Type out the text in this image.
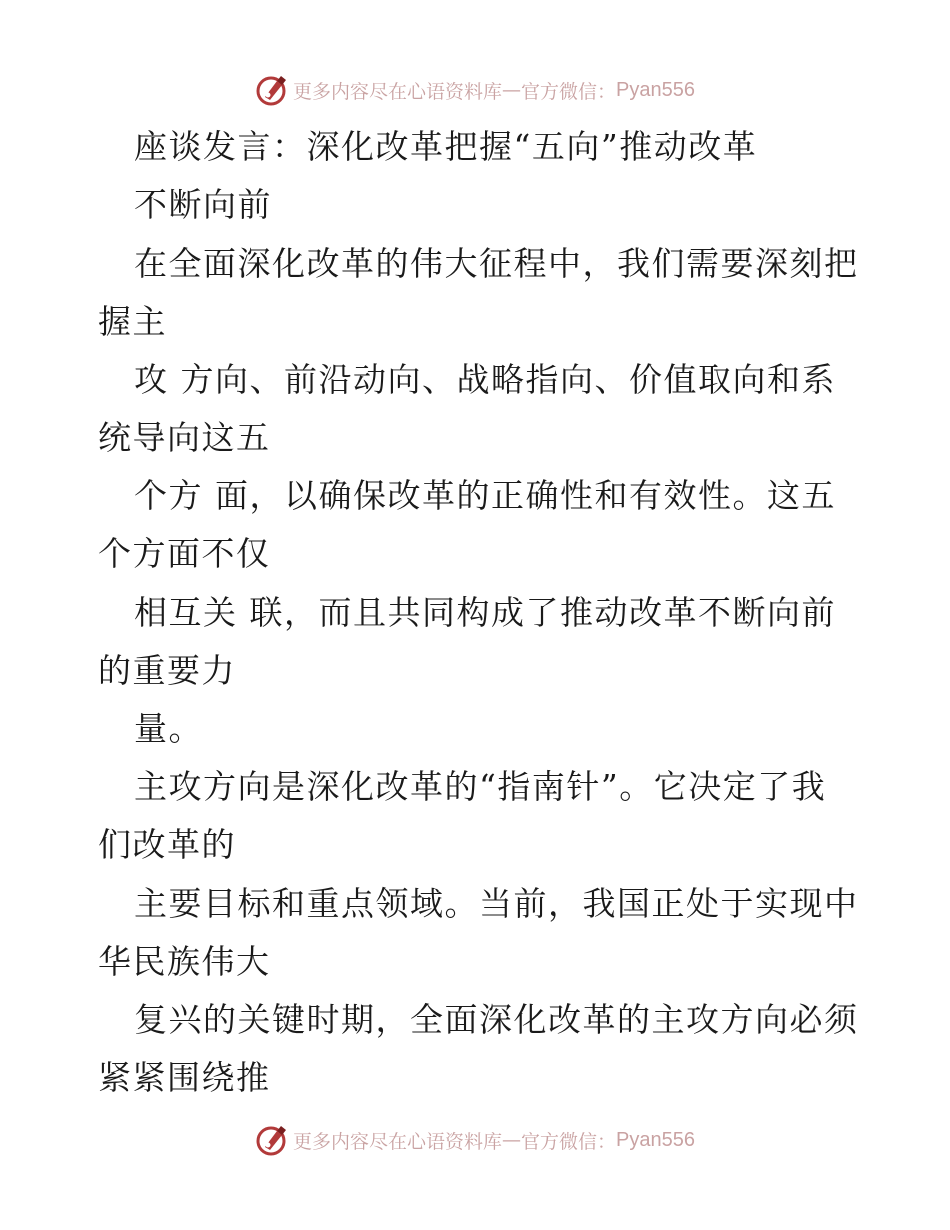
更多内容尽在心语资料库 — 官方微信： Pyan556
座谈发言：深化改革把握“五向”推动改革
不断向前
在全面深化改革的伟大征程中，我们需要深刻把
握主
攻 方向、前沿动向、战略指向、价值取向和系
统导向这五
个方 面，以确保改革的正确性和有效性。这五
个方面不仅
相互关 联，而且共同构成了推动改革不断向前
的重要力
量。
主攻方向是深化改革的“指南针”。它决定了我
们改革的
主要目标和重点领域。当前，我国正处于实现中
华民族伟大
复兴的关键时期，全面深化改革的主攻方向必须
紧紧围绕推
更多内容尽在心语资料库 — 官方微信： Pyan556
